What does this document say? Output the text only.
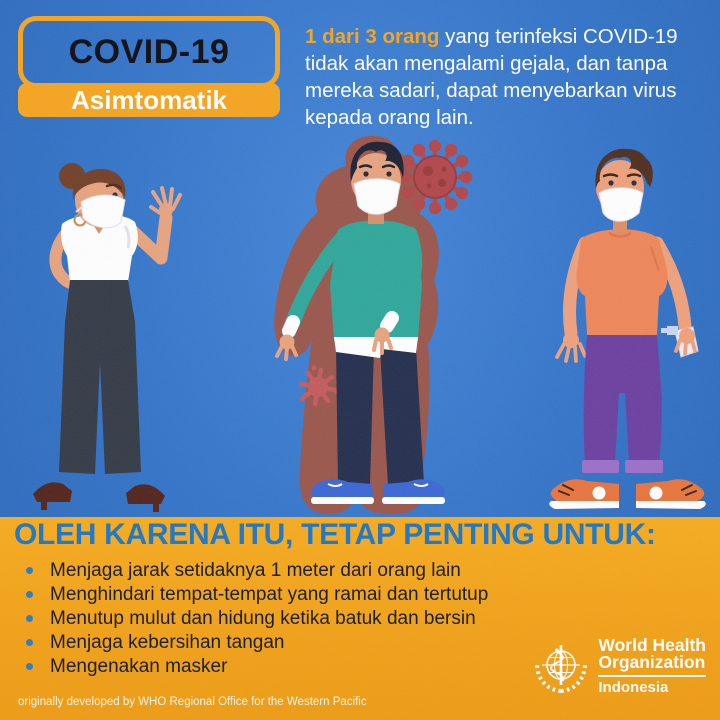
COVID-19
Asimtomatik
1 dari 3 orang yang terinfeksi COVID-19
tidak akan mengalami gejala, dan tanpa
mereka sadari, dapat menyebarkan virus
kepada orang lain.
OLEH KARENA ITU, TETAP PENTING UNTUK:
Menjaga jarak setidaknya 1 meter dari orang lain
Menghindari tempat-tempat yang ramai dan tertutup
Menutup mulut dan hidung ketika batuk dan bersin
Menjaga kebersihan tangan
Mengenakan masker
originally developed by WHO Regional Office for the Western Pacific
World Health
Organization
Indonesia
